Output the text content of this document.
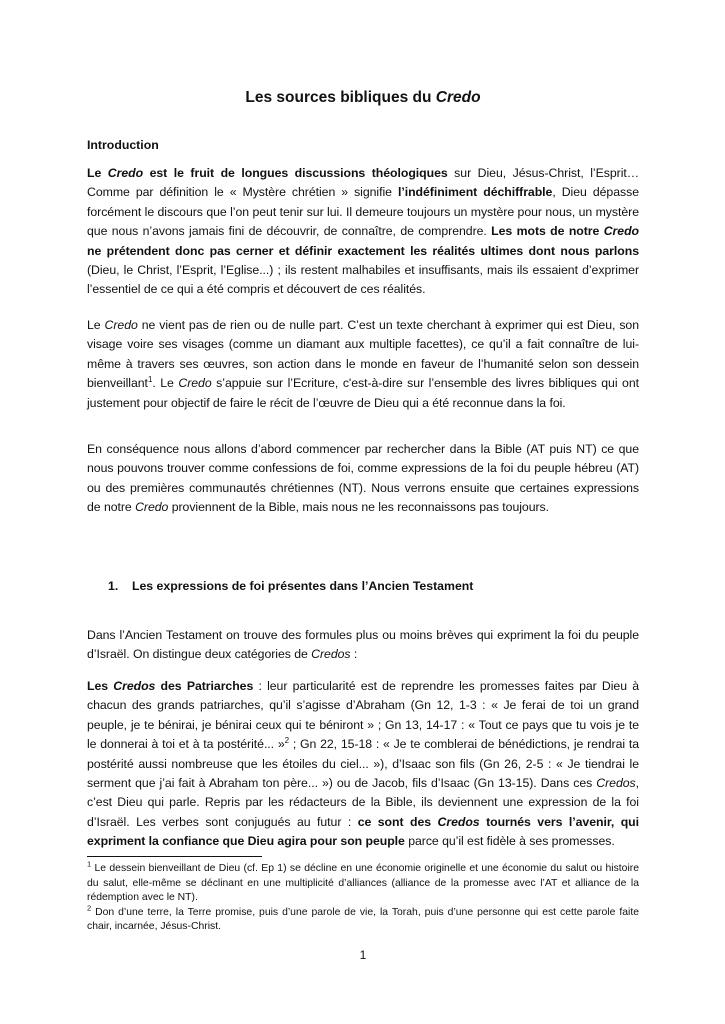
Les sources bibliques du Credo
Introduction

Le Credo est le fruit de longues discussions théologiques sur Dieu, Jésus-Christ, l’Esprit… Comme par définition le « Mystère chrétien » signifie l’indéfiniment déchiffrable, Dieu dépasse forcément le discours que l’on peut tenir sur lui. Il demeure toujours un mystère pour nous, un mystère que nous n’avons jamais fini de découvrir, de connaître, de comprendre. Les mots de notre Credo ne prétendent donc pas cerner et définir exactement les réalités ultimes dont nous parlons (Dieu, le Christ, l’Esprit, l’Eglise...) ; ils restent malhabiles et insuffisants, mais ils essaient d’exprimer l’essentiel de ce qui a été compris et découvert de ces réalités.

Le Credo ne vient pas de rien ou de nulle part. C’est un texte cherchant à exprimer qui est Dieu, son visage voire ses visages (comme un diamant aux multiple facettes), ce qu’il a fait connaître de lui-même à travers ses œuvres, son action dans le monde en faveur de l’humanité selon son dessein bienveillant$^1$. Le Credo s’appuie sur l’Ecriture, c'est-à-dire sur l’ensemble des livres bibliques qui ont justement pour objectif de faire le récit de l’œuvre de Dieu qui a été reconnue dans la foi.

En conséquence nous allons d’abord commencer par rechercher dans la Bible (AT puis NT) ce que nous pouvons trouver comme confessions de foi, comme expressions de la foi du peuple hébreu (AT) ou des premières communautés chrétiennes (NT). Nous verrons ensuite que certaines expressions de notre Credo proviennent de la Bible, mais nous ne les reconnaissons pas toujours.

1. Les expressions de foi présentes dans l’Ancien Testament

Dans l’Ancien Testament on trouve des formules plus ou moins brèves qui expriment la foi du peuple d’Israël. On distingue deux catégories de Credos :

Les Credos des Patriarches : leur particularité est de reprendre les promesses faites par Dieu à chacun des grands patriarches, qu’il s’agisse d’Abraham (Gn 12, 1-3 : « Je ferai de toi un grand peuple, je te bénirai, je bénirai ceux qui te béniront » ; Gn 13, 14-17 : « Tout ce pays que tu vois je te le donnerai à toi et à ta postérité... »$^2$ ; Gn 22, 15-18 : « Je te comblerai de bénédictions, je rendrai ta postérité aussi nombreuse que les étoiles du ciel... »), d’Isaac son fils (Gn 26, 2-5 : « Je tiendrai le serment que j’ai fait à Abraham ton père... ») ou de Jacob, fils d’Isaac (Gn 13-15). Dans ces Credos, c’est Dieu qui parle. Repris par les rédacteurs de la Bible, ils deviennent une expression de la foi d’Israël. Les verbes sont conjugués au futur : ce sont des Credos tournés vers l’avenir, qui expriment la confiance que Dieu agira pour son peuple parce qu’il est fidèle à ses promesses.

$^1$ Le dessein bienveillant de Dieu (cf. Ep 1) se décline en une économie originelle et une économie du salut ou histoire du salut, elle-même se déclinant en une multiplicité d’alliances (alliance de la promesse avec l’AT et alliance de la rédemption avec le NT).
$^2$ Don d’une terre, la Terre promise, puis d’une parole de vie, la Torah, puis d’une personne qui est cette parole faite chair, incarnée, Jésus-Christ.
1
